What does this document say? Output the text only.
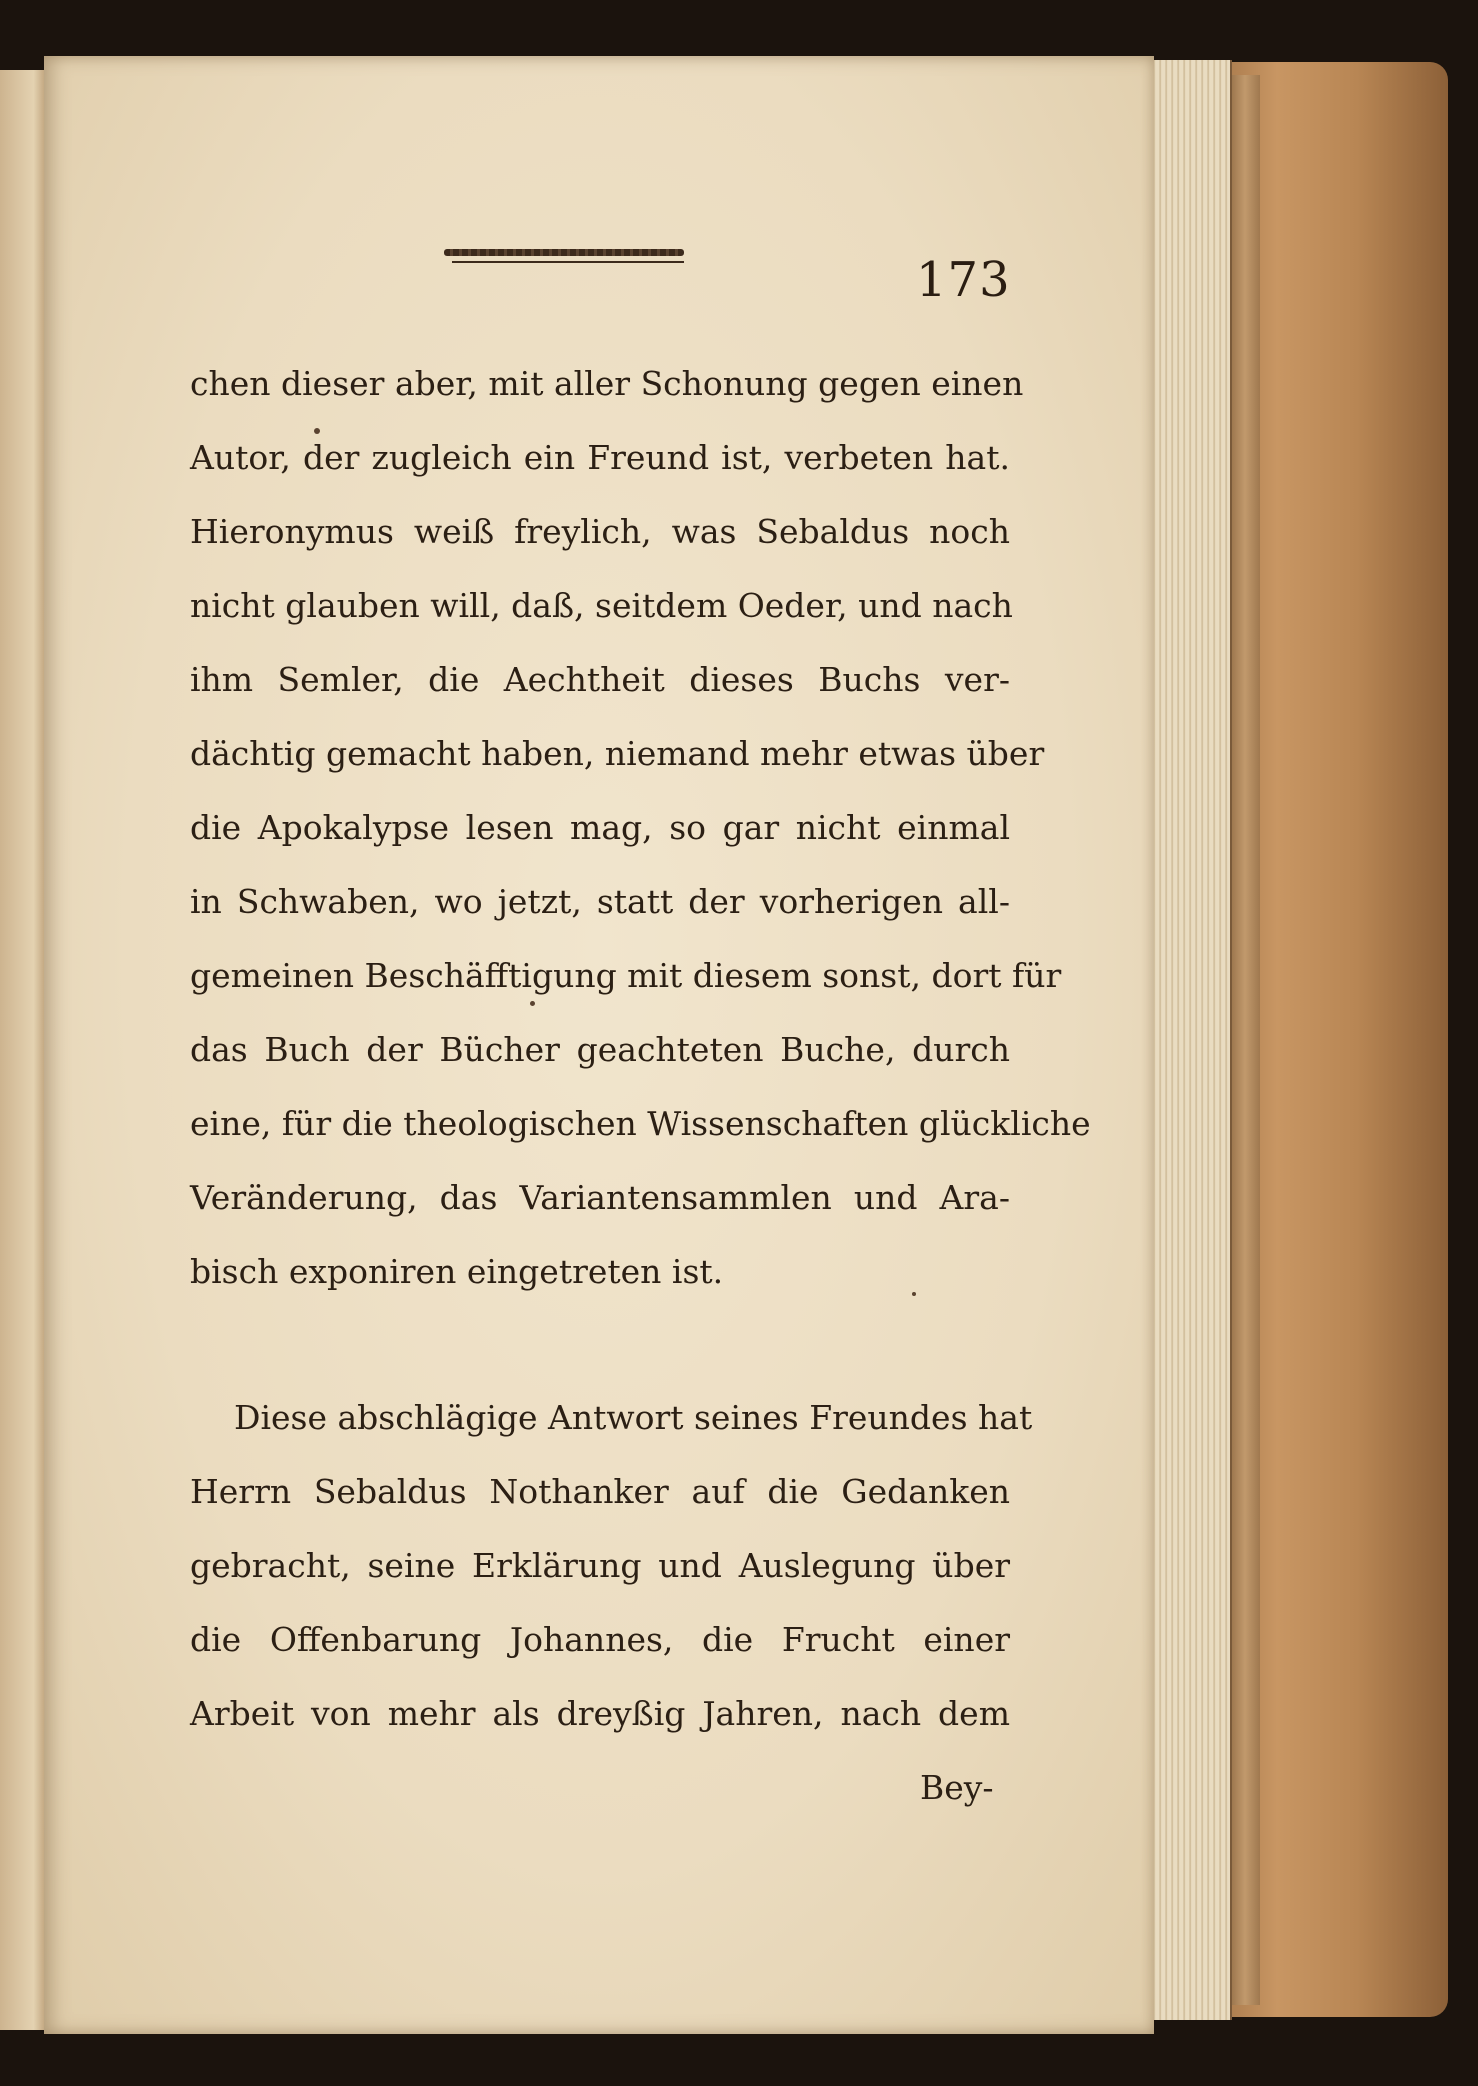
173
chen dieser aber, mit aller Schonung gegen einen
Autor, der zugleich ein Freund ist, verbeten hat.
Hieronymus weiß freylich, was Sebaldus noch
nicht glauben will, daß, seitdem Oeder, und nach
ihm Semler, die Aechtheit dieses Buchs ver-
dächtig gemacht haben, niemand mehr etwas über
die Apokalypse lesen mag, so gar nicht einmal
in Schwaben, wo jetzt, statt der vorherigen all-
gemeinen Beschäfftigung mit diesem sonst, dort für
das Buch der Bücher geachteten Buche, durch
eine, für die theologischen Wissenschaften glückliche
Veränderung, das Variantensammlen und Ara-
bisch exponiren eingetreten ist.
Diese abschlägige Antwort seines Freundes hat
Herrn Sebaldus Nothanker auf die Gedanken
gebracht, seine Erklärung und Auslegung über
die Offenbarung Johannes, die Frucht einer
Arbeit von mehr als dreyßig Jahren, nach dem
Bey-
